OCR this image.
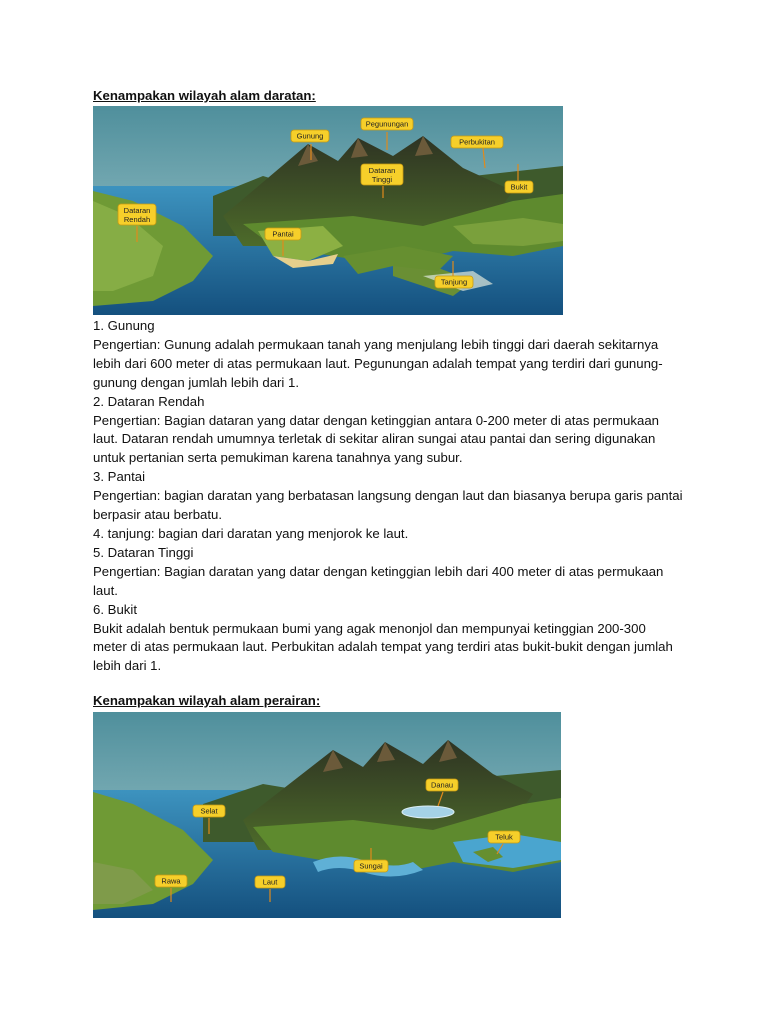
Kenampakan wilayah alam daratan:
Gunung
Pegunungan
Perbukitan
Dataran
Tinggi
Bukit
Dataran
Rendah
Pantai
Tanjung

1. Gunung

Pengertian: Gunung adalah permukaan tanah yang menjulang lebih tinggi dari daerah sekitarnya

lebih dari 600 meter di atas permukaan laut. Pegunungan adalah tempat yang terdiri dari gunung-

gunung dengan jumlah lebih dari 1.

2. Dataran Rendah

Pengertian: Bagian dataran yang datar dengan ketinggian antara 0-200 meter di atas permukaan

laut. Dataran rendah umumnya terletak di sekitar aliran sungai atau pantai dan sering digunakan

untuk pertanian serta pemukiman karena tanahnya yang subur.

3. Pantai

Pengertian: bagian daratan yang berbatasan langsung dengan laut dan biasanya berupa garis pantai

berpasir atau berbatu.

4. tanjung: bagian dari daratan yang menjorok ke laut.

5. Dataran Tinggi

Pengertian: Bagian daratan yang datar dengan ketinggian lebih dari 400 meter di atas permukaan

laut.

6. Bukit

Bukit adalah bentuk permukaan bumi yang agak menonjol dan mempunyai ketinggian 200-300

meter di atas permukaan laut. Perbukitan adalah tempat yang terdiri atas bukit-bukit dengan jumlah

lebih dari 1.

Kenampakan wilayah alam perairan:
Danau
Selat
Teluk
Sungai
Rawa	Laut
